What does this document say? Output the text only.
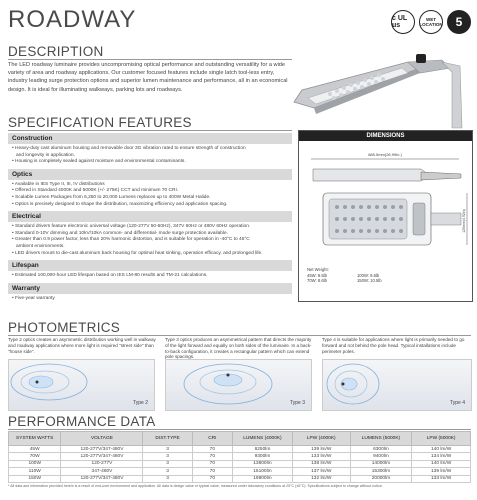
ROADWAY	c UL us
WET LOCATION	5
DESCRIPTION
The LED roadway luminaire provides uncompromising optical performance and outstanding versatility for a wide variety of area and roadway applications. Our customer focused features include single latch tool-less entry, industry leading surge protection options and superior lumen maintenance and performance, all in an economical design. It is ideal for illuminating walkways, parking lots and roadways.
SPECIFICATION FEATURES
Construction
• Heavy-duty cast aluminum housing and removable door 3G vibration rated to ensure strength of construction
and longevity in application.
• Housing is completely sealed against moisture and environmental contaminants.
Optics
• Available in IES Type II, III, IV distributions
• Offered in Standard 4000K and 5000K (+/- 275K) CCT and minimum 70 CRI.
• Scalable Lumen Packages from 6,250 to 20,000 Lumens replaces up to 400W Metal Halide.
• Optics is precisely designed to shape the distribution, maximizing efficiency and application spacing.
Electrical
• Standard drivers feature electronic universal voltage (120-277V 50-60Hz), 347V 60Hz or 480V 60Hz operation.
• Standard 0-10V dimming and 10kV/10kA common- and differential- mode surge protection available.
• Greater than 0.9 power factor, less than 20% harmonic distortion, and is suitable for operation in -40°C to 45°C
ambient environments.
• LED drivers mount to die-cast aluminum back housing for optimal heat sinking, operation efficacy, and prolonged life.
Lifespan
• Estimated 100,000-hour LED lifespan based on IES LM-80 results and TM-21 calculations.
Warranty
• Five-year warranty
DIMENSIONS
685.5mm(26.99in.)
125mm(4.92in)
Net Weight:
45W: 8.5lb
70W: 8.6lb
100W: 9.6lb
150W: 10.5lb
PHOTOMETRICS
Type 2 optics creates an asymmetric distribution working well in walkway and roadway applications where more light is required "street side" than "house side".
Type 2
Type 3 optics produces an asymmetrical pattern that directs the majority of the light forward and equally on both sides of the luminaire. In a back-to-back configuration, it creates a rectangular pattern which can extend pole spacings.
Type 3
Type 4 is suitable for applications where light is primarily needed to go forward and not behind the pole head. Typical installations include perimeter poles.
Type 4
PERFORMANCE DATA
SYSTEM WATTS	VOLTAGE	DIST.TYPE	CRI	LUMENS (4000K)	LPW (4000K)	LUMENS (5000K)	LPW (5000K)
45W	120-277V/347-480V	3	70	6250lm	139 lm/W	6300lm	140 lm/W
70W	120-277V/347-480V	3	70	9300lm	133 lm/W	9400lm	134 lm/W
100W	120-277V	3	70	13800lm	138 lm/W	14000lm	140 lm/W
110W	347-480V	3	70	15100lm	137 lm/W	15300lm	139 lm/W
150W	120-277V/347-480V	3	70	19800lm	132 lm/W	20000lm	133 lm/W
* All data and information provided herein is a result of end-user environment and application. All data is design value or typical value, measured under laboratory conditions at 25°C (±5°C). Specifications subject to change without notice.
